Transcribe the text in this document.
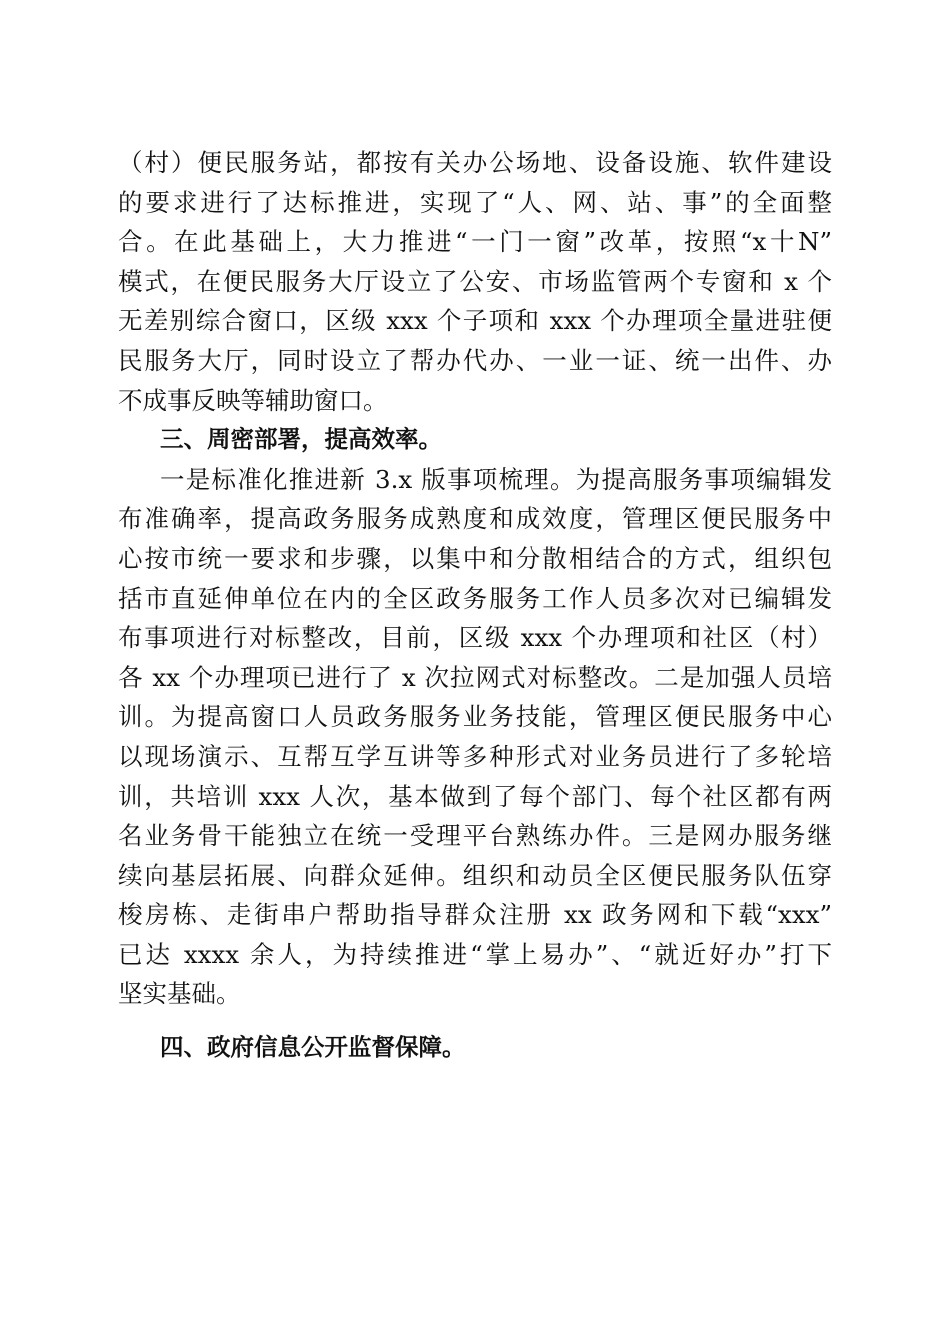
（村）便民服务站，都按有关办公场地、设备设施、软件建设
的要求进行了达标推进，实现了“人、网、站、事”的全面整
合。在此基础上，大力推进“一门一窗”改革，按照“x十N”
模式，在便民服务大厅设立了公安、市场监管两个专窗和 x 个
无差别综合窗口，区级 xxx 个子项和 xxx 个办理项全量进驻便
民服务大厅，同时设立了帮办代办、一业一证、统一出件、办
不成事反映等辅助窗口。
三、周密部署，提高效率。
一是标准化推进新 3.x 版事项梳理。为提高服务事项编辑发
布准确率，提高政务服务成熟度和成效度，管理区便民服务中
心按市统一要求和步骤，以集中和分散相结合的方式，组织包
括市直延伸单位在内的全区政务服务工作人员多次对已编辑发
布事项进行对标整改，目前，区级 xxx 个办理项和社区（村）
各 xx 个办理项已进行了 x 次拉网式对标整改。二是加强人员培
训。为提高窗口人员政务服务业务技能，管理区便民服务中心
以现场演示、互帮互学互讲等多种形式对业务员进行了多轮培
训，共培训 xxx 人次，基本做到了每个部门、每个社区都有两
名业务骨干能独立在统一受理平台熟练办件。三是网办服务继
续向基层拓展、向群众延伸。组织和动员全区便民服务队伍穿
梭房栋、走街串户帮助指导群众注册 xx 政务网和下载“xxx”
已达 xxxx 余人，为持续推进“掌上易办”、“就近好办”打下
坚实基础。
四、政府信息公开监督保障。
